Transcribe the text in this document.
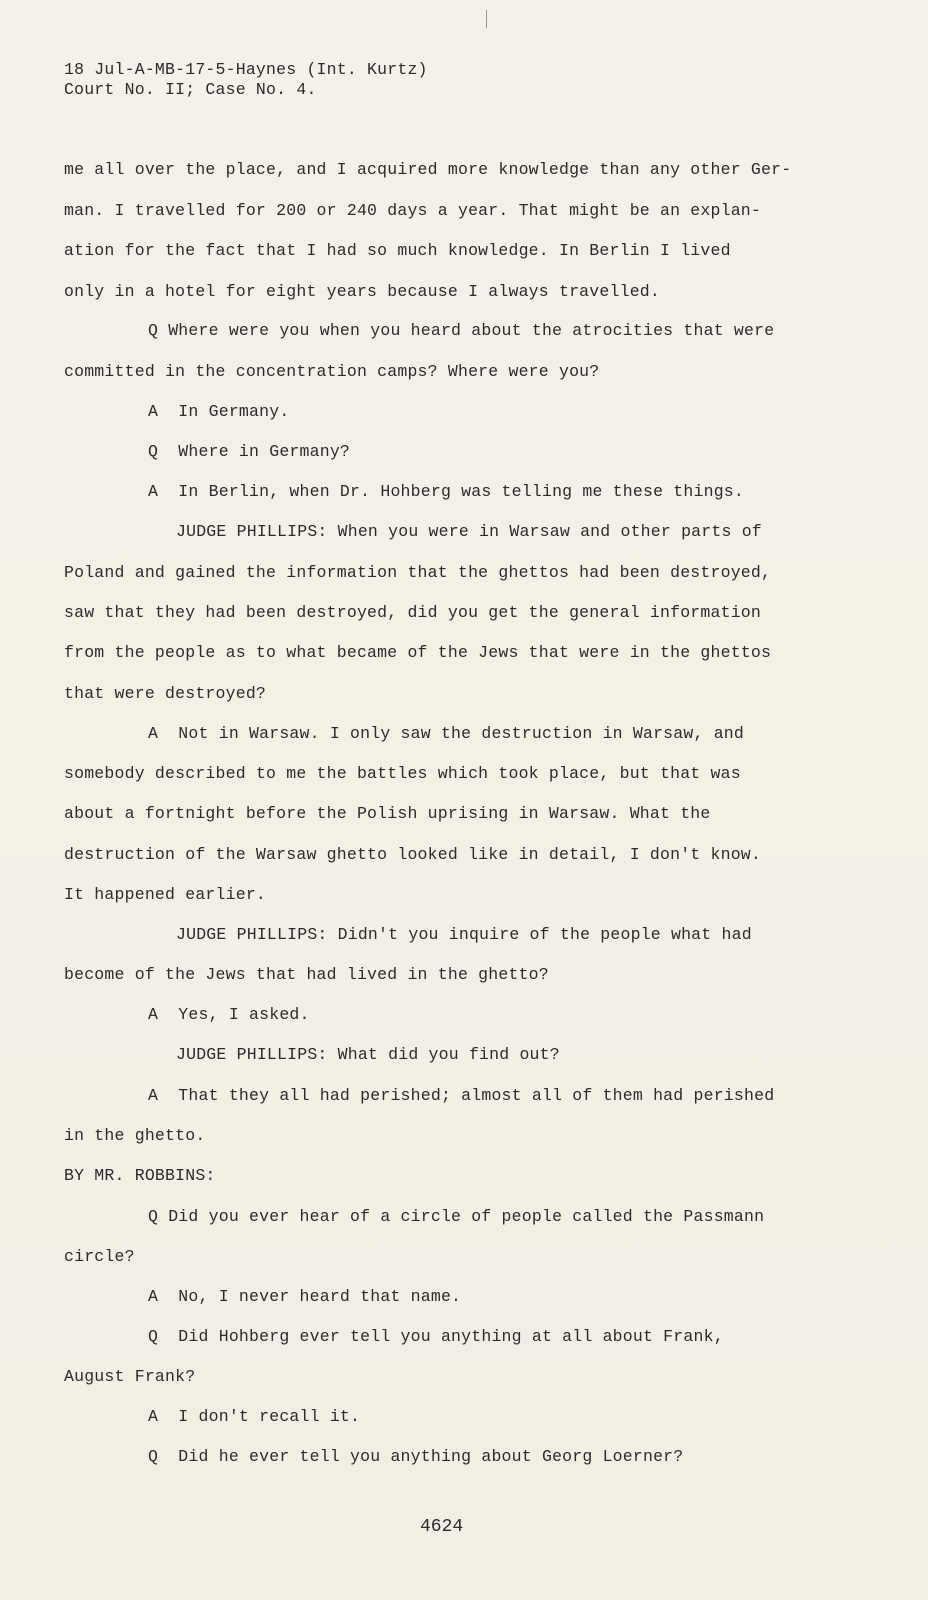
18 Jul-A-MB-17-5-Haynes (Int. Kurtz)
Court No. II; Case No. 4.
me all over the place, and I acquired more knowledge than any other Ger-
man. I travelled for 200 or 240 days a year. That might be an explan-
ation for the fact that I had so much knowledge. In Berlin I lived
only in a hotel for eight years because I always travelled.
Q Where were you when you heard about the atrocities that were
committed in the concentration camps? Where were you?
A  In Germany.
Q  Where in Germany?
A  In Berlin, when Dr. Hohberg was telling me these things.
JUDGE PHILLIPS: When you were in Warsaw and other parts of
Poland and gained the information that the ghettos had been destroyed,
saw that they had been destroyed, did you get the general information
from the people as to what became of the Jews that were in the ghettos
that were destroyed?
A  Not in Warsaw. I only saw the destruction in Warsaw, and
somebody described to me the battles which took place, but that was
about a fortnight before the Polish uprising in Warsaw. What the
destruction of the Warsaw ghetto looked like in detail, I don't know.
It happened earlier.
JUDGE PHILLIPS: Didn't you inquire of the people what had
become of the Jews that had lived in the ghetto?
A  Yes, I asked.
JUDGE PHILLIPS: What did you find out?
A  That they all had perished; almost all of them had perished
in the ghetto.
BY MR. ROBBINS:
Q Did you ever hear of a circle of people called the Passmann
circle?
A  No, I never heard that name.
Q  Did Hohberg ever tell you anything at all about Frank,
August Frank?
A  I don't recall it.
Q  Did he ever tell you anything about Georg Loerner?
4624
